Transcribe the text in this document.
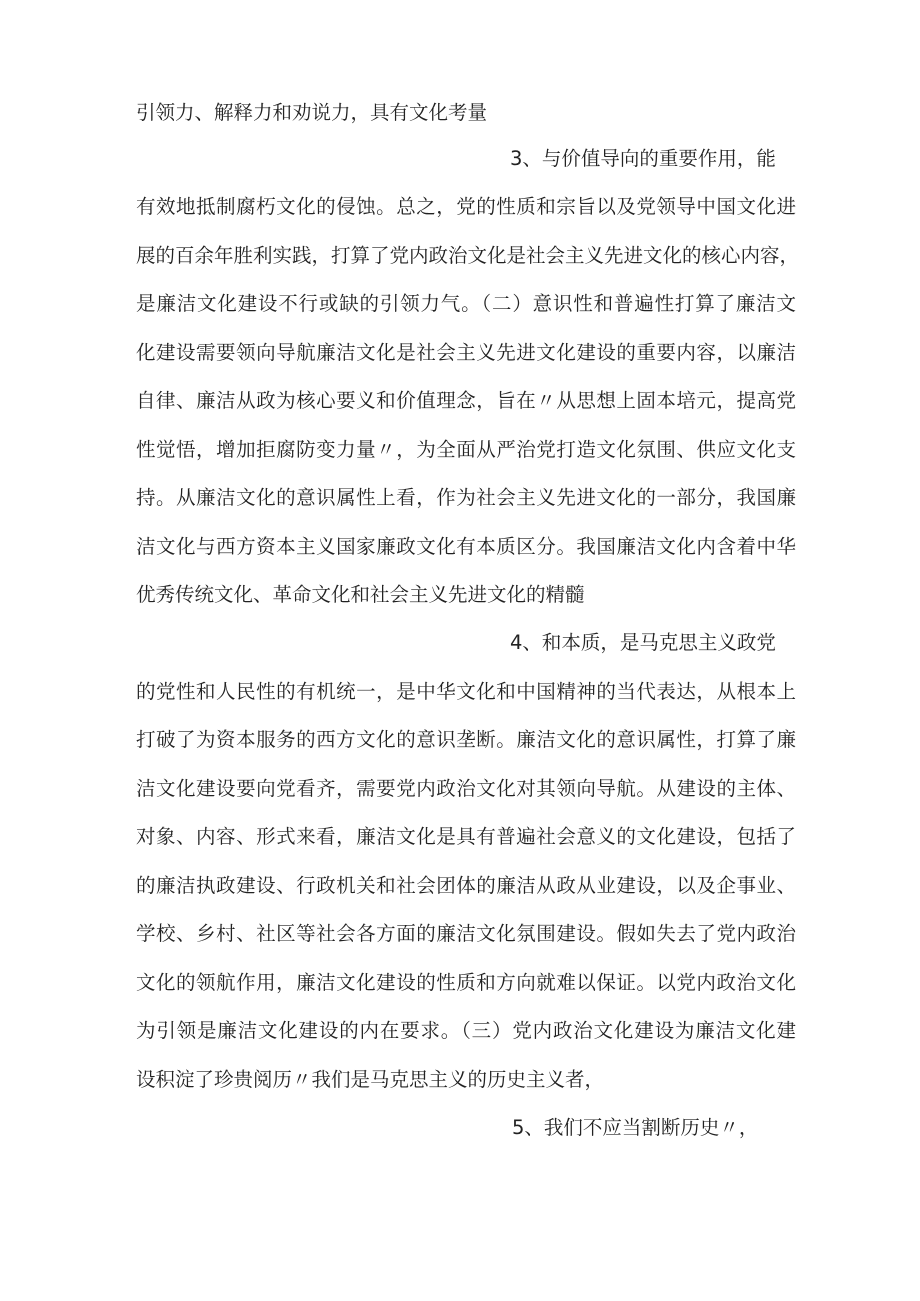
引领力、解释力和劝说力，具有文化考量
3、与价值导向的重要作用，能
有效地抵制腐朽文化的侵蚀。总之，党的性质和宗旨以及党领导中国文化进
展的百余年胜利实践，打算了党内政治文化是社会主义先进文化的核心内容，
是廉洁文化建设不行或缺的引领力气。（二）意识性和普遍性打算了廉洁文
化建设需要领向导航廉洁文化是社会主义先进文化建设的重要内容，以廉洁
自律、廉洁从政为核心要义和价值理念，旨在〃从思想上固本培元，提高党
性觉悟，增加拒腐防变力量〃，为全面从严治党打造文化氛围、供应文化支
持。从廉洁文化的意识属性上看，作为社会主义先进文化的一部分，我国廉
洁文化与西方资本主义国家廉政文化有本质区分。我国廉洁文化内含着中华
优秀传统文化、革命文化和社会主义先进文化的精髓
4、和本质，是马克思主义政党
的党性和人民性的有机统一，是中华文化和中国精神的当代表达，从根本上
打破了为资本服务的西方文化的意识垄断。廉洁文化的意识属性，打算了廉
洁文化建设要向党看齐，需要党内政治文化对其领向导航。从建设的主体、
对象、内容、形式来看，廉洁文化是具有普遍社会意义的文化建设，包括了
的廉洁执政建设、行政机关和社会团体的廉洁从政从业建设，以及企事业、
学校、乡村、社区等社会各方面的廉洁文化氛围建设。假如失去了党内政治
文化的领航作用，廉洁文化建设的性质和方向就难以保证。以党内政治文化
为引领是廉洁文化建设的内在要求。（三）党内政治文化建设为廉洁文化建
设积淀了珍贵阅历〃我们是马克思主义的历史主义者，
5、我们不应当割断历史〃，
